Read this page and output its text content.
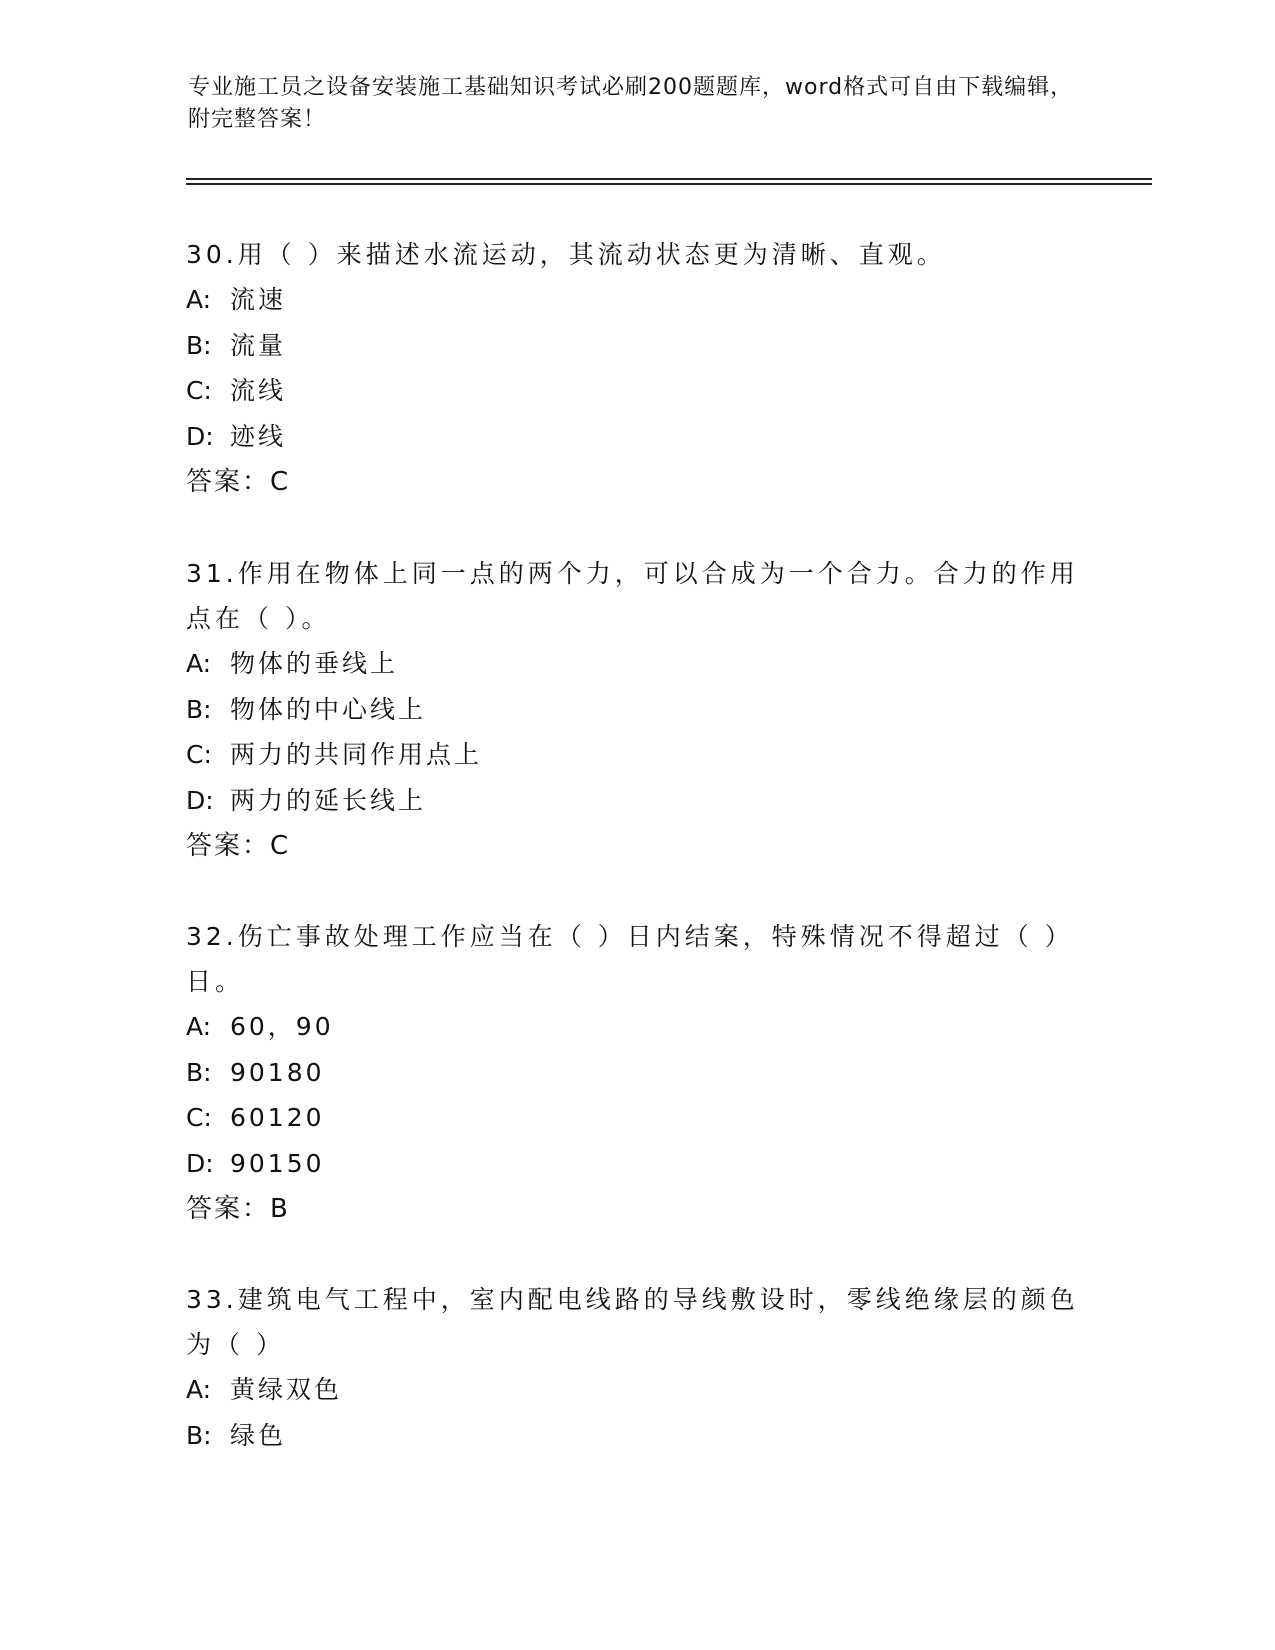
专业施工员之设备安装施工基础知识考试必刷200题题库，word格式可自由下载编辑，附完整答案！
30.用（ ）来描述水流运动，其流动状态更为清晰、直观。
A: 流速
B: 流量
C: 流线
D: 迹线
答案：C
31.作用在物体上同一点的两个力，可以合成为一个合力。合力的作用点在（ ）。
A: 物体的垂线上
B: 物体的中心线上
C: 两力的共同作用点上
D: 两力的延长线上
答案：C
32.伤亡事故处理工作应当在（ ）日内结案，特殊情况不得超过（ ）日。
A: 60，90
B: 90180
C: 60120
D: 90150
答案：B
33.建筑电气工程中，室内配电线路的导线敷设时，零线绝缘层的颜色为（ ）
A: 黄绿双色
B: 绿色
